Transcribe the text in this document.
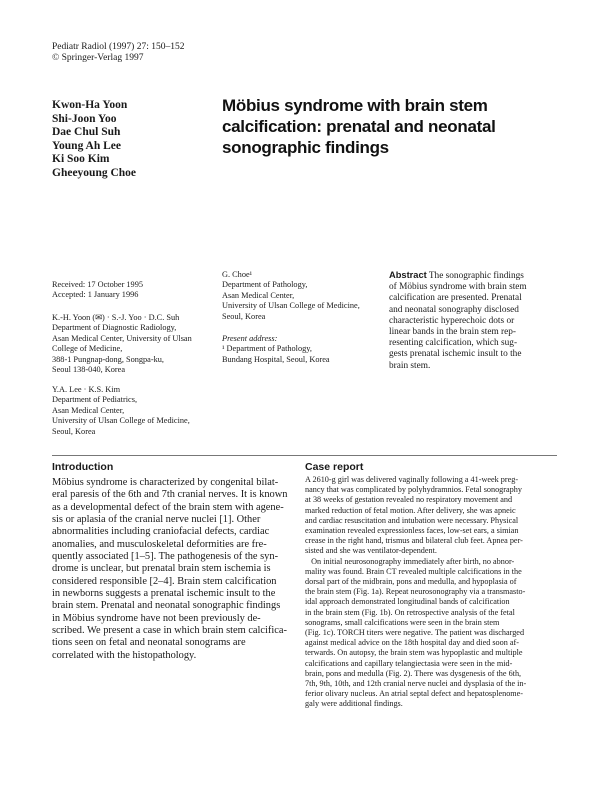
Pediatr Radiol (1997) 27: 150–152
© Springer-Verlag 1997
Kwon-Ha Yoon
Shi-Joon Yoo
Dae Chul Suh
Young Ah Lee
Ki Soo Kim
Gheeyoung Choe
Möbius syndrome with brain stem
calcification: prenatal and neonatal
sonographic findings
Received: 17 October 1995
Accepted: 1 January 1996
K.-H. Yoon (✉) · S.-J. Yoo · D.C. Suh
Department of Diagnostic Radiology,
Asan Medical Center, University of Ulsan
College of Medicine,
388-1 Pungnap-dong, Songpa-ku,
Seoul 138-040, Korea
Y.A. Lee · K.S. Kim
Department of Pediatrics,
Asan Medical Center,
University of Ulsan College of Medicine,
Seoul, Korea
G. Choe¹
Department of Pathology,
Asan Medical Center,
University of Ulsan College of Medicine,
Seoul, Korea
Present address:
¹ Department of Pathology,
Bundang Hospital, Seoul, Korea
Abstract The sonographic findings
of Möbius syndrome with brain stem
calcification are presented. Prenatal
and neonatal sonography disclosed
characteristic hyperechoic dots or
linear bands in the brain stem rep-
resenting calcification, which sug-
gests prenatal ischemic insult to the
brain stem.
Introduction	Case report
Möbius syndrome is characterized by congenital bilat-
eral paresis of the 6th and 7th cranial nerves. It is known
as a developmental defect of the brain stem with agene-
sis or aplasia of the cranial nerve nuclei [1]. Other
abnormalities including craniofacial defects, cardiac
anomalies, and musculoskeletal deformities are fre-
quently associated [1–5]. The pathogenesis of the syn-
drome is unclear, but prenatal brain stem ischemia is
considered responsible [2–4]. Brain stem calcification
in newborns suggests a prenatal ischemic insult to the
brain stem. Prenatal and neonatal sonographic findings
in Möbius syndrome have not been previously de-
scribed. We present a case in which brain stem calcifica-
tions seen on fetal and neonatal sonograms are
correlated with the histopathology.
A 2610-g girl was delivered vaginally following a 41-week preg-
nancy that was complicated by polyhydramnios. Fetal sonography
at 38 weeks of gestation revealed no respiratory movement and
marked reduction of fetal motion. After delivery, she was apneic
and cardiac resuscitation and intubation were necessary. Physical
examination revealed expressionless faces, low-set ears, a simian
crease in the right hand, trismus and bilateral club feet. Apnea per-
sisted and she was ventilator-dependent.
On initial neurosonography immediately after birth, no abnor-
mality was found. Brain CT revealed multiple calcifications in the
dorsal part of the midbrain, pons and medulla, and hypoplasia of
the brain stem (Fig. 1a). Repeat neurosonography via a transmasto-
idal approach demonstrated longitudinal bands of calcification
in the brain stem (Fig. 1b). On retrospective analysis of the fetal
sonograms, small calcifications were seen in the brain stem
(Fig. 1c). TORCH titers were negative. The patient was discharged
against medical advice on the 18th hospital day and died soon af-
terwards. On autopsy, the brain stem was hypoplastic and multiple
calcifications and capillary telangiectasia were seen in the mid-
brain, pons and medulla (Fig. 2). There was dysgenesis of the 6th,
7th, 9th, 10th, and 12th cranial nerve nuclei and dysplasia of the in-
ferior olivary nucleus. An atrial septal defect and hepatosplenome-
galy were additional findings.
